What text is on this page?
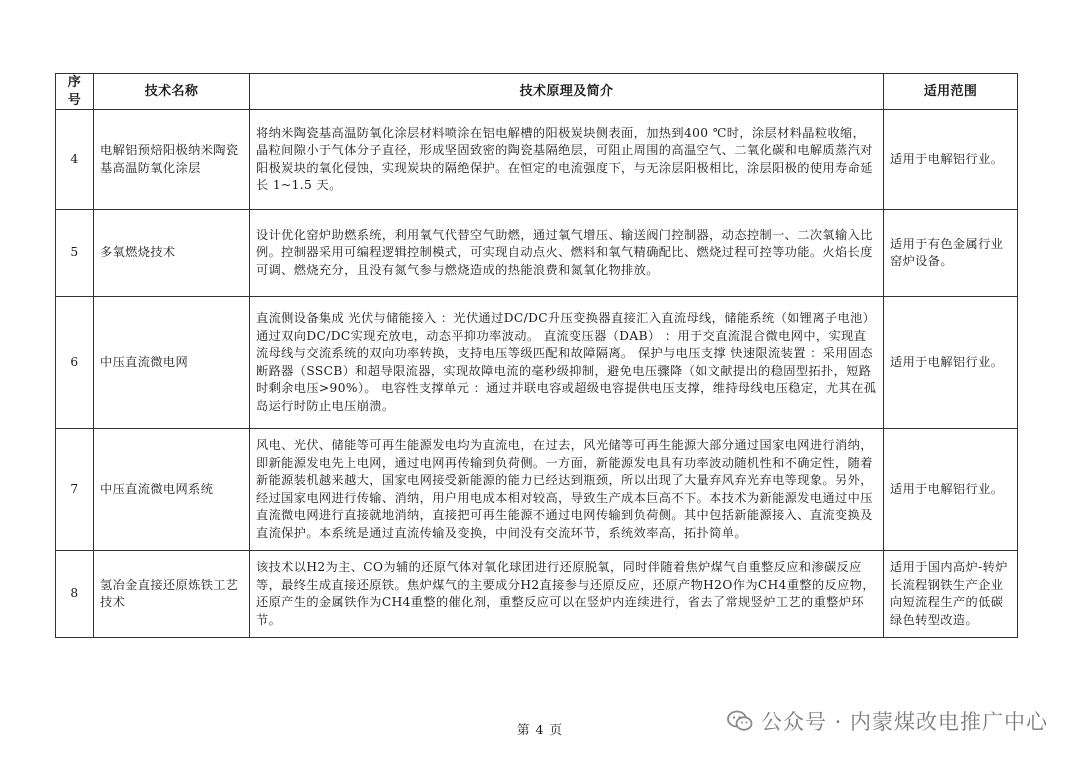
序号	技术名称	技术原理及简介	适用范围
4	电解铝预焙阳极纳米陶瓷基高温防氧化涂层	将纳米陶瓷基高温防氧化涂层材料喷涂在铝电解槽的阳极炭块侧表面，加热到400 ℃时，涂层材料晶粒收缩，晶粒间隙小于气体分子直径，形成坚固致密的陶瓷基隔绝层，可阻止周围的高温空气、二氧化碳和电解质蒸汽对阳极炭块的氧化侵蚀，实现炭块的隔绝保护。在恒定的电流强度下，与无涂层阳极相比，涂层阳极的使用寿命延长 1~1.5 天。	适用于电解铝行业。
5	多氧燃烧技术	设计优化窑炉助燃系统，利用氧气代替空气助燃，通过氧气增压、输送阀门控制器，动态控制一、二次氧输入比例。控制器采用可编程逻辑控制模式，可实现自动点火、燃料和氧气精确配比、燃烧过程可控等功能。火焰长度可调、燃烧充分，且没有氮气参与燃烧造成的热能浪费和氮氧化物排放。	适用于有色金属行业窑炉设备。
6	中压直流微电网	直流侧设备集成 光伏与储能接入 ：光伏通过DC/DC升压变换器直接汇入直流母线，储能系统（如锂离子电池）通过双向DC/DC实现充放电，动态平抑功率波动。 直流变压器（DAB） ：用于交直流混合微电网中，实现直流母线与交流系统的双向功率转换，支持电压等级匹配和故障隔离。 保护与电压支撑 快速限流装置 ：采用固态断路器（SSCB）和超导限流器，实现故障电流的毫秒级抑制，避免电压骤降（如文献提出的稳固型拓扑，短路时剩余电压>90%）。 电容性支撑单元 ：通过并联电容或超级电容提供电压支撑，维持母线电压稳定，尤其在孤岛运行时防止电压崩溃。	适用于电解铝行业。
7	中压直流微电网系统	风电、光伏、储能等可再生能源发电均为直流电，在过去，风光储等可再生能源大部分通过国家电网进行消纳，即新能源发电先上电网，通过电网再传输到负荷侧。一方面，新能源发电具有功率波动随机性和不确定性，随着新能源装机越来越大，国家电网接受新能源的能力已经达到瓶颈，所以出现了大量弃风弃光弃电等现象。另外，经过国家电网进行传输、消纳，用户用电成本相对较高，导致生产成本巨高不下。本技术为新能源发电通过中压直流微电网进行直接就地消纳，直接把可再生能源不通过电网传输到负荷侧。其中包括新能源接入、直流变换及直流保护。本系统是通过直流传输及变换，中间没有交流环节，系统效率高，拓扑简单。	适用于电解铝行业。
8	氢冶金直接还原炼铁工艺技术	该技术以H2为主、CO为辅的还原气体对氧化球团进行还原脱氧，同时伴随着焦炉煤气自重整反应和渗碳反应等，最终生成直接还原铁。焦炉煤气的主要成分H2直接参与还原反应，还原产物H2O作为CH4重整的反应物，还原产生的金属铁作为CH4重整的催化剂，重整反应可以在竖炉内连续进行，省去了常规竖炉工艺的重整炉环节。	适用于国内高炉-转炉长流程钢铁生产企业向短流程生产的低碳绿色转型改造。
第 4 页	公众号 · 内蒙煤改电推广中心
